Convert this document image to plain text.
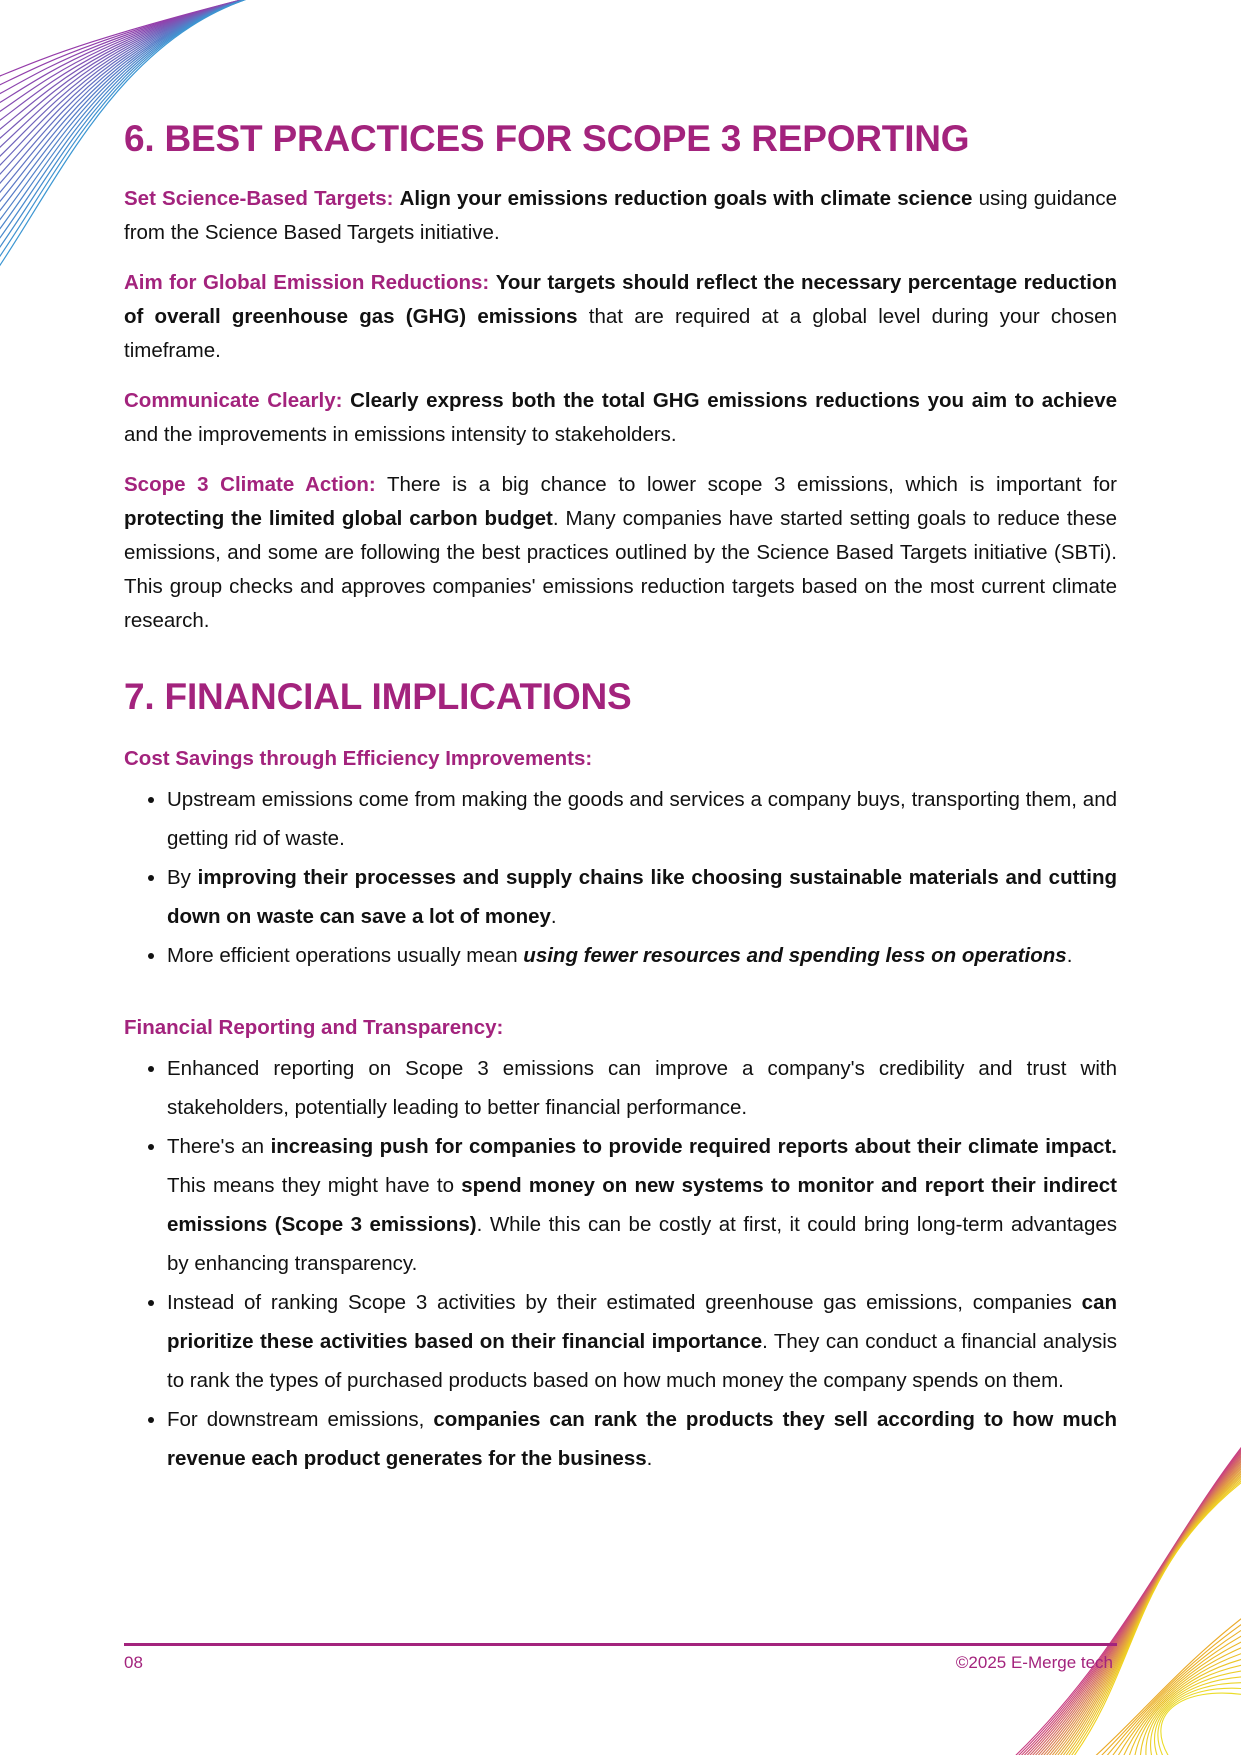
6. BEST PRACTICES FOR SCOPE 3 REPORTING

Set Science-Based Targets: Align your emissions reduction goals with climate science using guidance from the Science Based Targets initiative.

Aim for Global Emission Reductions: Your targets should reflect the necessary percentage reduction of overall greenhouse gas (GHG) emissions that are required at a global level during your chosen timeframe.

Communicate Clearly: Clearly express both the total GHG emissions reductions you aim to achieve and the improvements in emissions intensity to stakeholders.

Scope 3 Climate Action: There is a big chance to lower scope 3 emissions, which is important for protecting the limited global carbon budget. Many companies have started setting goals to reduce these emissions, and some are following the best practices outlined by the Science Based Targets initiative (SBTi). This group checks and approves companies' emissions reduction targets based on the most current climate research.

7. FINANCIAL IMPLICATIONS
Cost Savings through Efficiency Improvements:
• Upstream emissions come from making the goods and services a company buys, transporting them, and getting rid of waste.
• By improving their processes and supply chains like choosing sustainable materials and cutting down on waste can save a lot of money.
• More efficient operations usually mean using fewer resources and spending less on operations.
Financial Reporting and Transparency:
• Enhanced reporting on Scope 3 emissions can improve a company's credibility and trust with stakeholders, potentially leading to better financial performance.
• There's an increasing push for companies to provide required reports about their climate impact. This means they might have to spend money on new systems to monitor and report their indirect emissions (Scope 3 emissions). While this can be costly at first, it could bring long-term advantages by enhancing transparency.
• Instead of ranking Scope 3 activities by their estimated greenhouse gas emissions, companies can prioritize these activities based on their financial importance. They can conduct a financial analysis to rank the types of purchased products based on how much money the company spends on them.
• For downstream emissions, companies can rank the products they sell according to how much revenue each product generates for the business.
08	©2025 E-Merge tech
